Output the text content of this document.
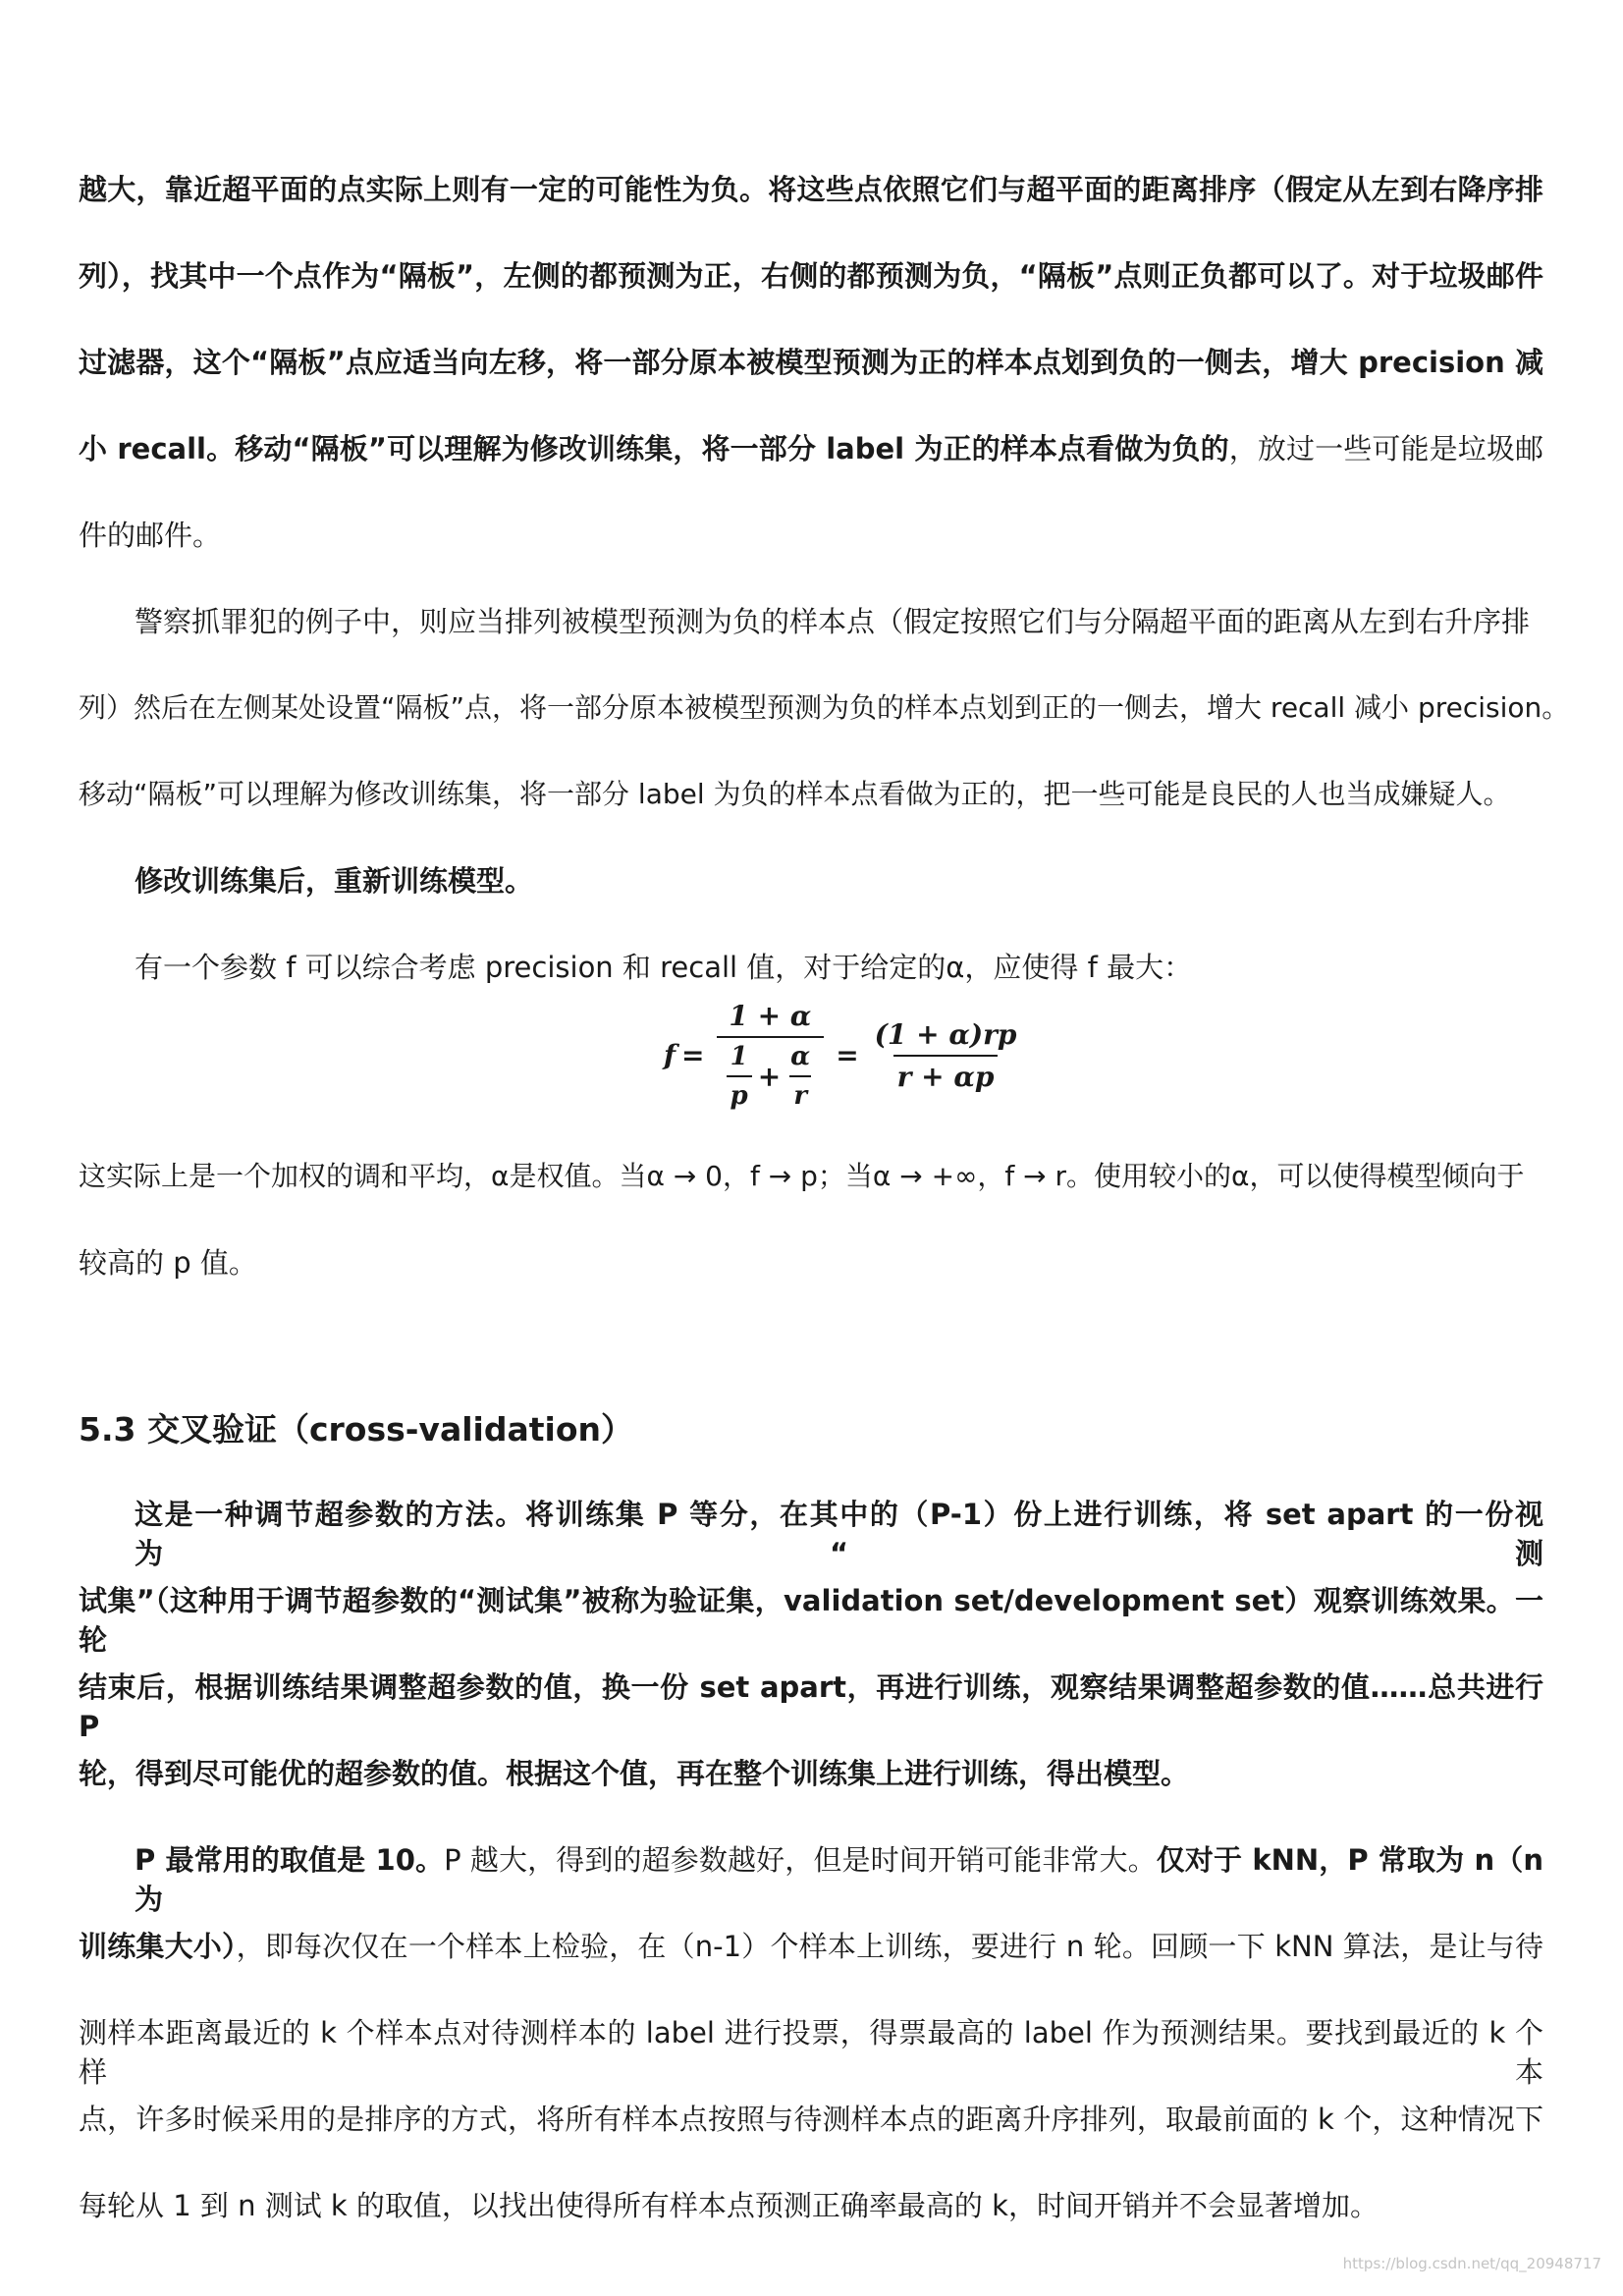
越大，靠近超平面的点实际上则有一定的可能性为负。将这些点依照它们与超平面的距离排序（假定从左到右降序排
列），找其中一个点作为“隔板”，左侧的都预测为正，右侧的都预测为负，“隔板”点则正负都可以了。对于垃圾邮件
过滤器，这个“隔板”点应适当向左移，将一部分原本被模型预测为正的样本点划到负的一侧去，增大 precision 减
小 recall。移动“隔板”可以理解为修改训练集，将一部分 label 为正的样本点看做为负的，放过一些可能是垃圾邮
件的邮件。
警察抓罪犯的例子中，则应当排列被模型预测为负的样本点（假定按照它们与分隔超平面的距离从左到右升序排
列）然后在左侧某处设置“隔板”点，将一部分原本被模型预测为负的样本点划到正的一侧去，增大 recall 减小 precision。
移动“隔板”可以理解为修改训练集，将一部分 label 为负的样本点看做为正的，把一些可能是良民的人也当成嫌疑人。
修改训练集后，重新训练模型。
有一个参数 f 可以综合考虑 precision 和 recall 值，对于给定的α，应使得 f 最大：
$f = \frac{1 + \alpha}{\frac{1}{p} + \frac{\alpha}{r}} = \frac{(1 + \alpha)rp}{r + \alpha p}$
这实际上是一个加权的调和平均，α是权值。当α → 0，f → p；当α → +∞，f → r。使用较小的α，可以使得模型倾向于
较高的 p 值。
5.3 交叉验证（cross-validation）
这是一种调节超参数的方法。将训练集 P 等分，在其中的（P-1）份上进行训练，将 set apart 的一份视为“测
试集”（这种用于调节超参数的“测试集”被称为验证集，validation set/development set）观察训练效果。一轮
结束后，根据训练结果调整超参数的值，换一份 set apart，再进行训练，观察结果调整超参数的值……总共进行 P
轮，得到尽可能优的超参数的值。根据这个值，再在整个训练集上进行训练，得出模型。
P 最常用的取值是 10。P 越大，得到的超参数越好，但是时间开销可能非常大。仅对于 kNN，P 常取为 n（n 为
训练集大小），即每次仅在一个样本上检验，在（n-1）个样本上训练，要进行 n 轮。回顾一下 kNN 算法，是让与待
测样本距离最近的 k 个样本点对待测样本的 label 进行投票，得票最高的 label 作为预测结果。要找到最近的 k 个样本
点，许多时候采用的是排序的方式，将所有样本点按照与待测样本点的距离升序排列，取最前面的 k 个，这种情况下
每轮从 1 到 n 测试 k 的取值，以找出使得所有样本点预测正确率最高的 k，时间开销并不会显著增加。
https://blog.csdn.net/qq_20948717
